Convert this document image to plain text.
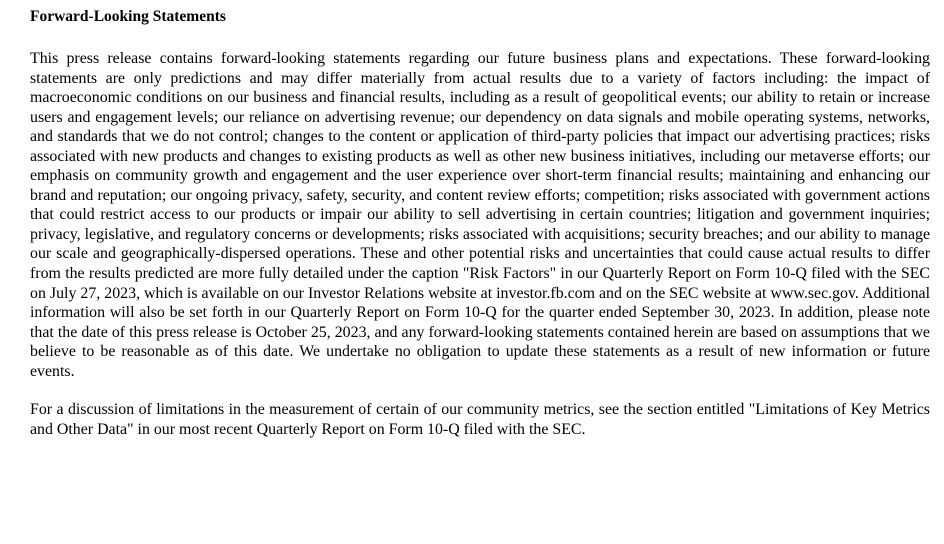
Forward-Looking Statements

This press release contains forward-looking statements regarding our future business plans and expectations. These forward-looking statements are only predictions and may differ materially from actual results due to a variety of factors including: the impact of macroeconomic conditions on our business and financial results, including as a result of geopolitical events; our ability to retain or increase users and engagement levels; our reliance on advertising revenue; our dependency on data signals and mobile operating systems, networks, and standards that we do not control; changes to the content or application of third-party policies that impact our advertising practices; risks associated with new products and changes to existing products as well as other new business initiatives, including our metaverse efforts; our emphasis on community growth and engagement and the user experience over short-term financial results; maintaining and enhancing our brand and reputation; our ongoing privacy, safety, security, and content review efforts; competition; risks associated with government actions that could restrict access to our products or impair our ability to sell advertising in certain countries; litigation and government inquiries; privacy, legislative, and regulatory concerns or developments; risks associated with acquisitions; security breaches; and our ability to manage our scale and geographically-dispersed operations. These and other potential risks and uncertainties that could cause actual results to differ from the results predicted are more fully detailed under the caption "Risk Factors" in our Quarterly Report on Form 10-Q filed with the SEC on July 27, 2023, which is available on our Investor Relations website at investor.fb.com and on the SEC website at www.sec.gov. Additional information will also be set forth in our Quarterly Report on Form 10-Q for the quarter ended September 30, 2023. In addition, please note that the date of this press release is October 25, 2023, and any forward-looking statements contained herein are based on assumptions that we believe to be reasonable as of this date. We undertake no obligation to update these statements as a result of new information or future events.

For a discussion of limitations in the measurement of certain of our community metrics, see the section entitled "Limitations of Key Metrics and Other Data" in our most recent Quarterly Report on Form 10-Q filed with the SEC.
